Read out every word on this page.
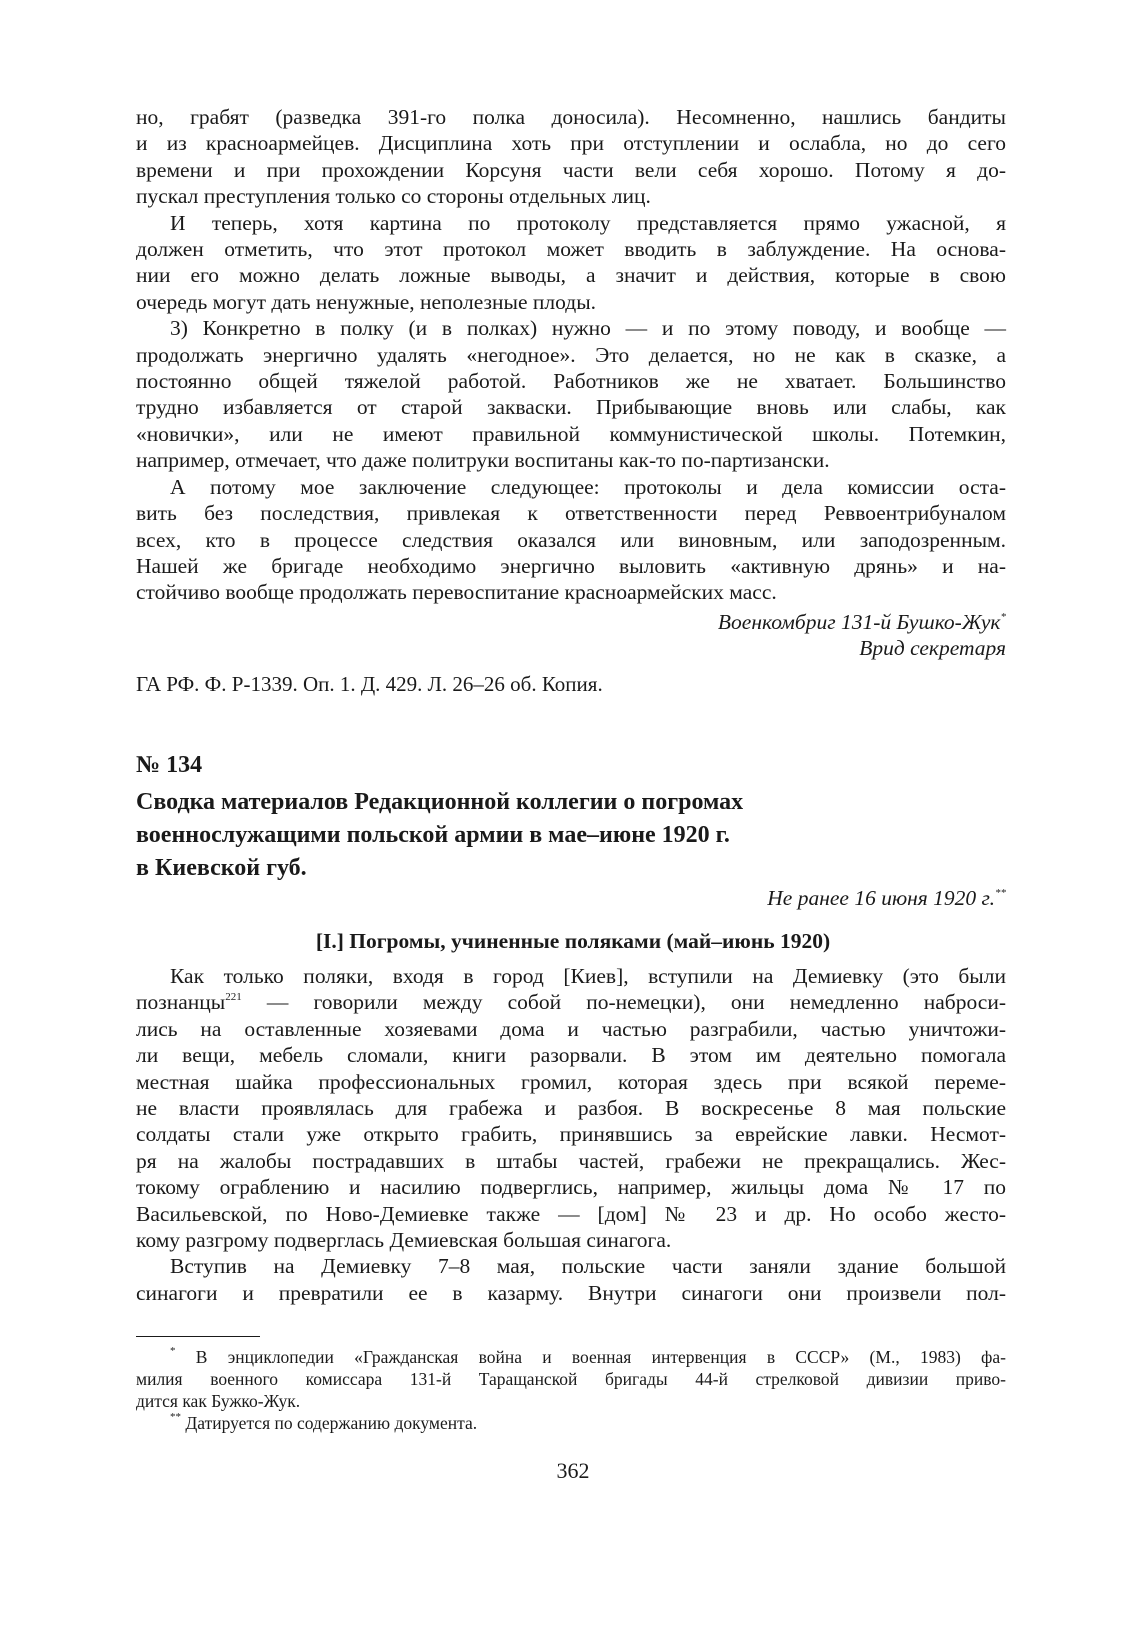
но, грабят (разведка 391-го полка доносила). Несомненно, нашлись бандиты
и из красноармейцев. Дисциплина хоть при отступлении и ослабла, но до сего
времени и при прохождении Корсуня части вели себя хорошо. Потому я до-
пускал преступления только со стороны отдельных лиц.
И теперь, хотя картина по протоколу представляется прямо ужасной, я
должен отметить, что этот протокол может вводить в заблуждение. На основа-
нии его можно делать ложные выводы, а значит и действия, которые в свою
очередь могут дать ненужные, неполезные плоды.
3) Конкретно в полку (и в полках) нужно — и по этому поводу, и вообще —
продолжать энергично удалять «негодное». Это делается, но не как в сказке, а
постоянно общей тяжелой работой. Работников же не хватает. Большинство
трудно избавляется от старой закваски. Прибывающие вновь или слабы, как
«новички», или не имеют правильной коммунистической школы. Потемкин,
например, отмечает, что даже политруки воспитаны как-то по-партизански.
А потому мое заключение следующее: протоколы и дела комиссии оста-
вить без последствия, привлекая к ответственности перед Реввоентрибуналом
всех, кто в процессе следствия оказался или виновным, или заподозренным.
Нашей же бригаде необходимо энергично выловить «активную дрянь» и на-
стойчиво вообще продолжать перевоспитание красноармейских масс.
Военкомбриг 131-й Бушко-Жук*
Врид секретаря
ГА РФ. Ф. Р-1339. Оп. 1. Д. 429. Л. 26–26 об. Копия.
№ 134
Сводка материалов Редакционной коллегии о погромах
военнослужащими польской армии в мае–июне 1920 г.
в Киевской губ.
Не ранее 16 июня 1920 г.**
[I.] Погромы, учиненные поляками (май–июнь 1920)
Как только поляки, входя в город [Киев], вступили на Демиевку (это были
познанцы$^{221}$ — говорили между собой по-немецки), они немедленно наброси-
лись на оставленные хозяевами дома и частью разграбили, частью уничтожи-
ли вещи, мебель сломали, книги разорвали. В этом им деятельно помогала
местная шайка профессиональных громил, которая здесь при всякой переме-
не власти проявлялась для грабежа и разбоя. В воскресенье 8 мая польские
солдаты стали уже открыто грабить, принявшись за еврейские лавки. Несмот-
ря на жалобы пострадавших в штабы частей, грабежи не прекращались. Жес-
токому ограблению и насилию подверглись, например, жильцы дома № 17 по
Васильевской, по Ново-Демиевке также — [дом] № 23 и др. Но особо жесто-
кому разгрому подверглась Демиевская большая синагога.
Вступив на Демиевку 7–8 мая, польские части заняли здание большой
синагоги и превратили ее в казарму. Внутри синагоги они произвели пол-
* В энциклопедии «Гражданская война и военная интервенция в СССР» (М., 1983) фа-
милия военного комиссара 131-й Таращанской бригады 44-й стрелковой дивизии приво-
дится как Бужко-Жук.
** Датируется по содержанию документа.
362
